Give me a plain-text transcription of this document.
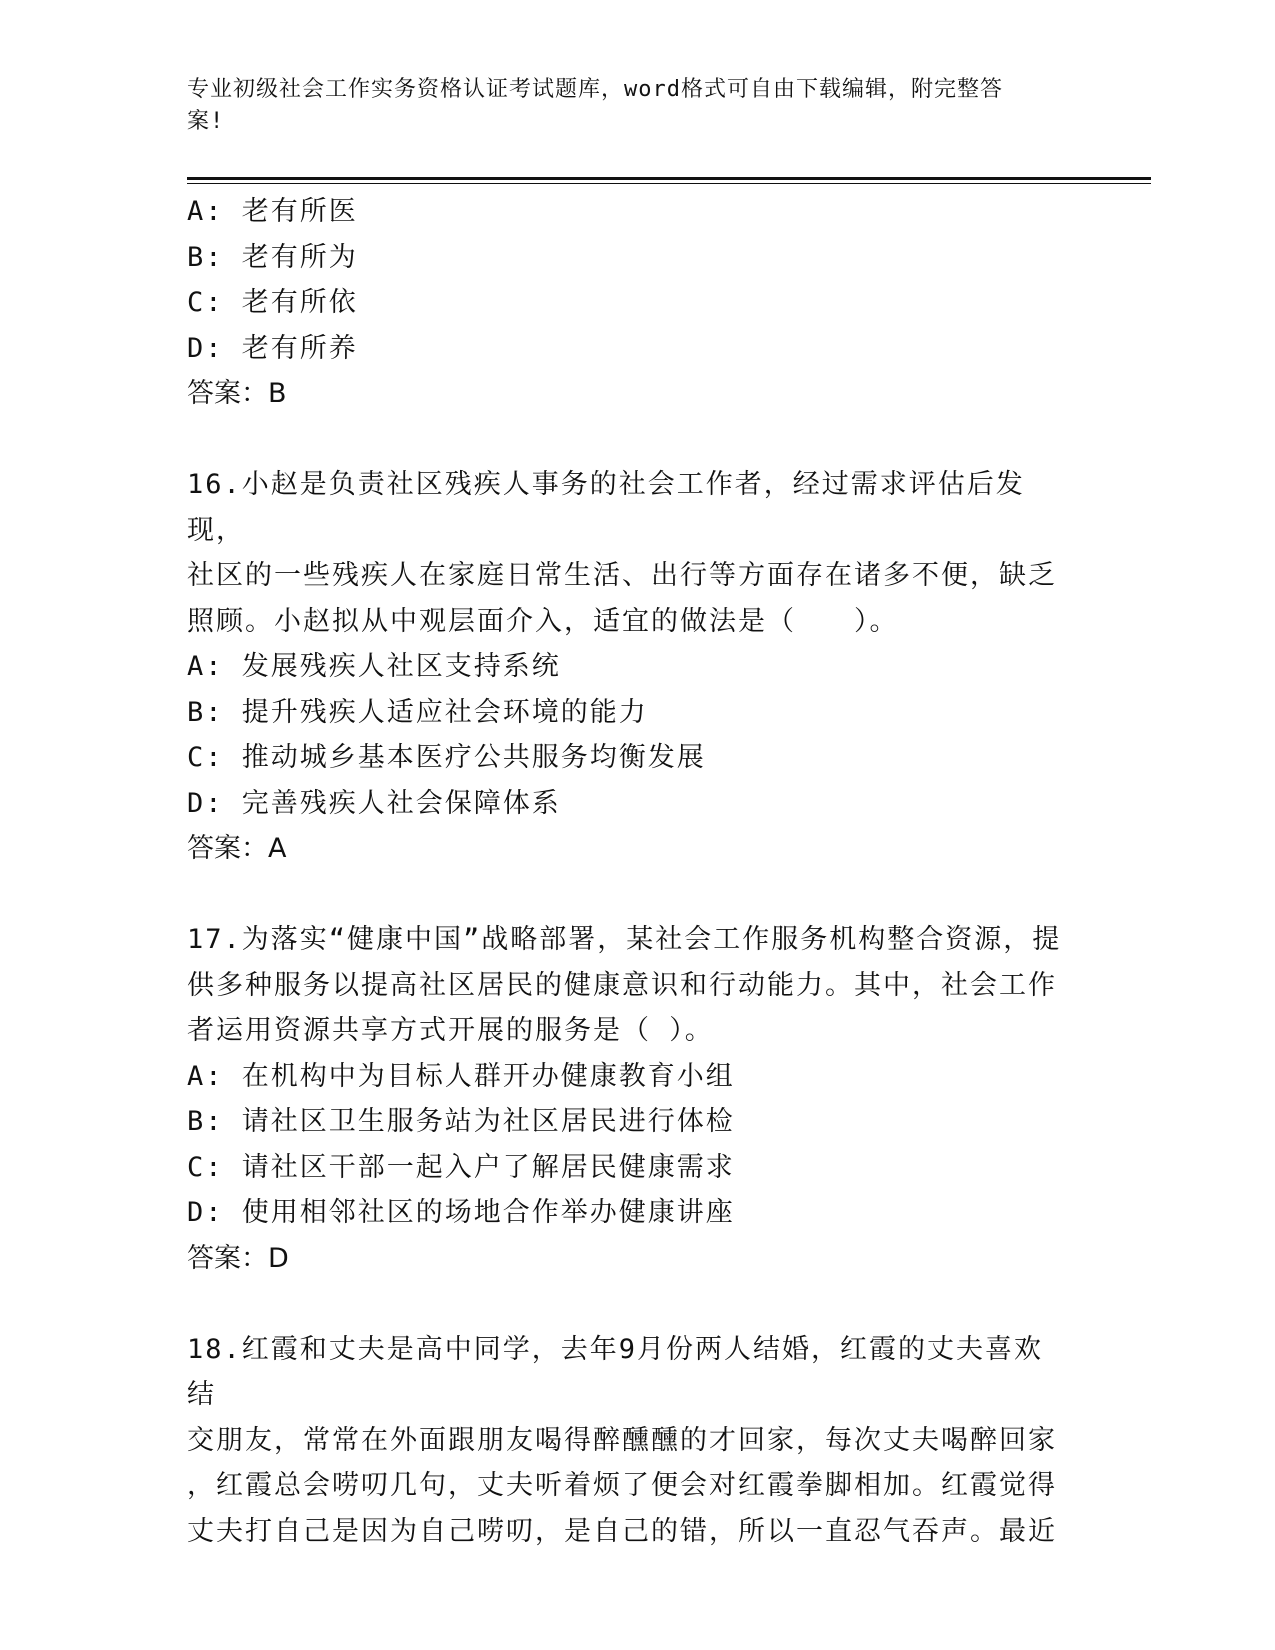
专业初级社会工作实务资格认证考试题库，word格式可自由下载编辑，附完整答
案!

A: 老有所医

B: 老有所为

C: 老有所依

D: 老有所养

答案：B

16.小赵是负责社区残疾人事务的社会工作者，经过需求评估后发现，

社区的一些残疾人在家庭日常生活、出行等方面存在诸多不便，缺乏

照顾。小赵拟从中观层面介入，适宜的做法是（　　）。

A: 发展残疾人社区支持系统

B: 提升残疾人适应社会环境的能力

C: 推动城乡基本医疗公共服务均衡发展

D: 完善残疾人社会保障体系

答案：A

17.为落实“健康中国”战略部署，某社会工作服务机构整合资源，提

供多种服务以提高社区居民的健康意识和行动能力。其中，社会工作

者运用资源共享方式开展的服务是（ ）。

A: 在机构中为目标人群开办健康教育小组

B: 请社区卫生服务站为社区居民进行体检

C: 请社区干部一起入户了解居民健康需求

D: 使用相邻社区的场地合作举办健康讲座

答案：D

18.红霞和丈夫是高中同学，去年9月份两人结婚，红霞的丈夫喜欢结

交朋友，常常在外面跟朋友喝得醉醺醺的才回家，每次丈夫喝醉回家

，红霞总会唠叨几句，丈夫听着烦了便会对红霞拳脚相加。红霞觉得

丈夫打自己是因为自己唠叨，是自己的错，所以一直忍气吞声。最近
